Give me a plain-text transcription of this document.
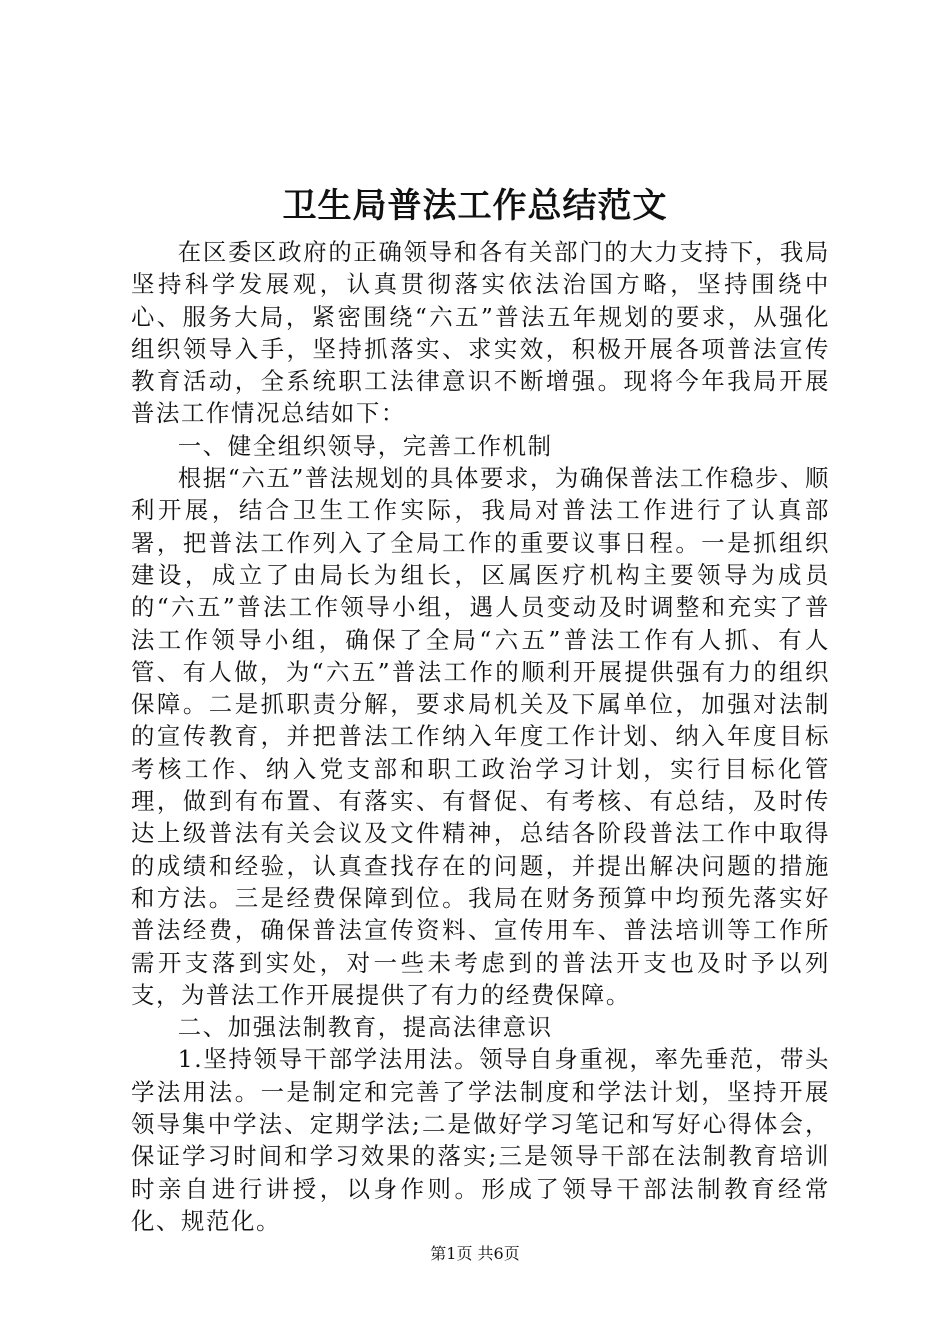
卫生局普法工作总结范文

在区委区政府的正确领导和各有关部门的大力支持下，我局坚持科学发展观，认真贯彻落实依法治国方略，坚持围绕中心、服务大局，紧密围绕“六五”普法五年规划的要求，从强化组织领导入手，坚持抓落实、求实效，积极开展各项普法宣传教育活动，全系统职工法律意识不断增强。现将今年我局开展普法工作情况总结如下：

一、健全组织领导，完善工作机制

根据“六五”普法规划的具体要求，为确保普法工作稳步、顺利开展，结合卫生工作实际，我局对普法工作进行了认真部署，把普法工作列入了全局工作的重要议事日程。一是抓组织建设，成立了由局长为组长，区属医疗机构主要领导为成员的“六五”普法工作领导小组，遇人员变动及时调整和充实了普法工作领导小组，确保了全局“六五”普法工作有人抓、有人管、有人做，为“六五”普法工作的顺利开展提供强有力的组织保障。二是抓职责分解，要求局机关及下属单位，加强对法制的宣传教育，并把普法工作纳入年度工作计划、纳入年度目标考核工作、纳入党支部和职工政治学习计划，实行目标化管理，做到有布置、有落实、有督促、有考核、有总结，及时传达上级普法有关会议及文件精神，总结各阶段普法工作中取得的成绩和经验，认真查找存在的问题，并提出解决问题的措施和方法。三是经费保障到位。我局在财务预算中均预先落实好普法经费，确保普法宣传资料、宣传用车、普法培训等工作所需开支落到实处，对一些未考虑到的普法开支也及时予以列支，为普法工作开展提供了有力的经费保障。

二、加强法制教育，提高法律意识

1.坚持领导干部学法用法。领导自身重视，率先垂范，带头学法用法。一是制定和完善了学法制度和学法计划，坚持开展领导集中学法、定期学法;二是做好学习笔记和写好心得体会，保证学习时间和学习效果的落实;三是领导干部在法制教育培训时亲自进行讲授，以身作则。形成了领导干部法制教育经常化、规范化。

第1页 共6页
